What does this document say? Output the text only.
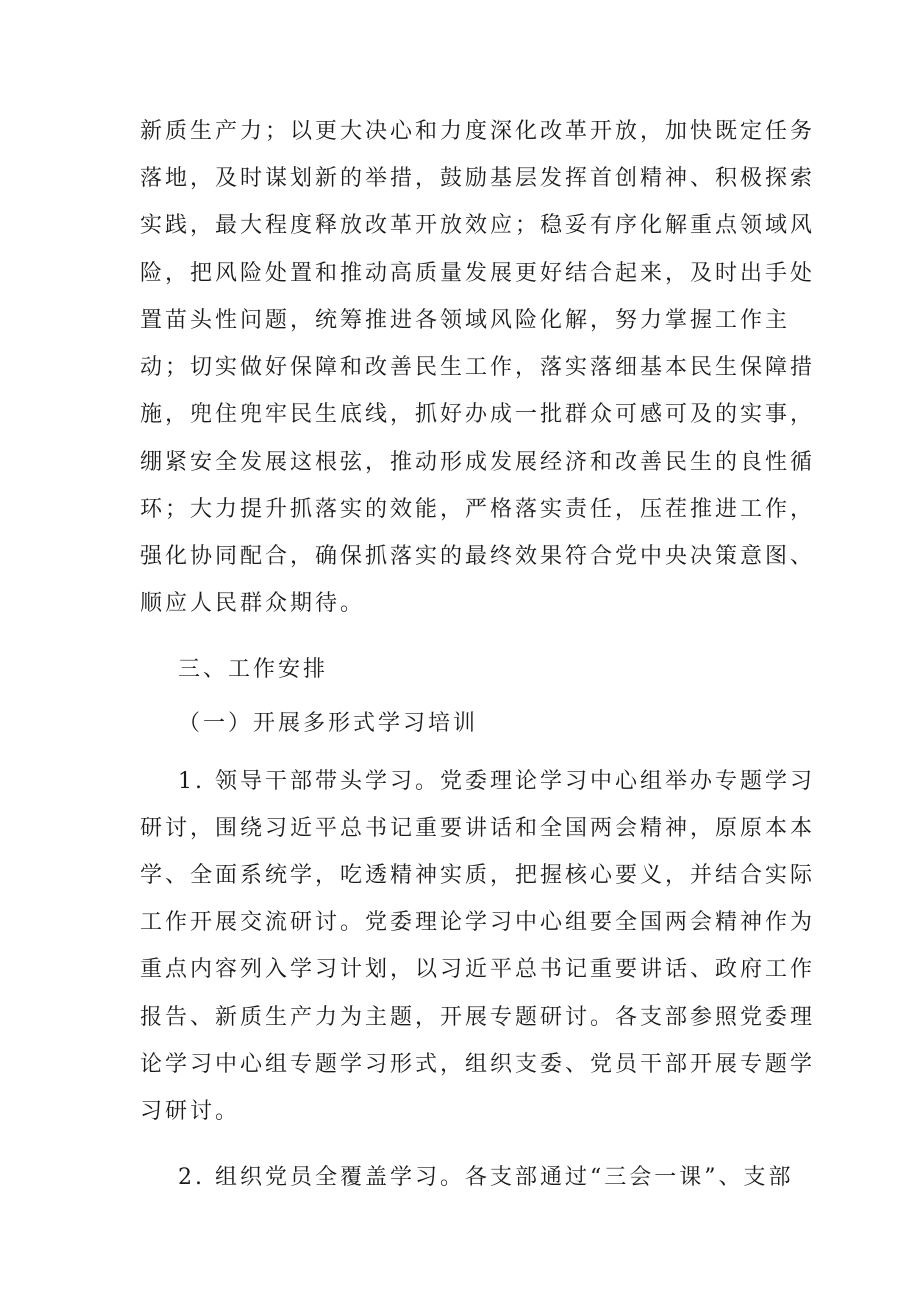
新质生产力；以更大决心和力度深化改革开放，加快既定任务
落地，及时谋划新的举措，鼓励基层发挥首创精神、积极探索
实践，最大程度释放改革开放效应；稳妥有序化解重点领域风
险，把风险处置和推动高质量发展更好结合起来，及时出手处
置苗头性问题，统筹推进各领域风险化解，努力掌握工作主
动；切实做好保障和改善民生工作，落实落细基本民生保障措
施，兜住兜牢民生底线，抓好办成一批群众可感可及的实事，
绷紧安全发展这根弦，推动形成发展经济和改善民生的良性循
环；大力提升抓落实的效能，严格落实责任，压茬推进工作，
强化协同配合，确保抓落实的最终效果符合党中央决策意图、
顺应人民群众期待。
三、工作安排
（一）开展多形式学习培训
1. 领导干部带头学习。党委理论学习中心组举办专题学习
研讨，围绕习近平总书记重要讲话和全国两会精神，原原本本
学、全面系统学，吃透精神实质，把握核心要义，并结合实际
工作开展交流研讨。党委理论学习中心组要全国两会精神作为
重点内容列入学习计划，以习近平总书记重要讲话、政府工作
报告、新质生产力为主题，开展专题研讨。各支部参照党委理
论学习中心组专题学习形式，组织支委、党员干部开展专题学
习研讨。
2. 组织党员全覆盖学习。各支部通过“三会一课”、支部
